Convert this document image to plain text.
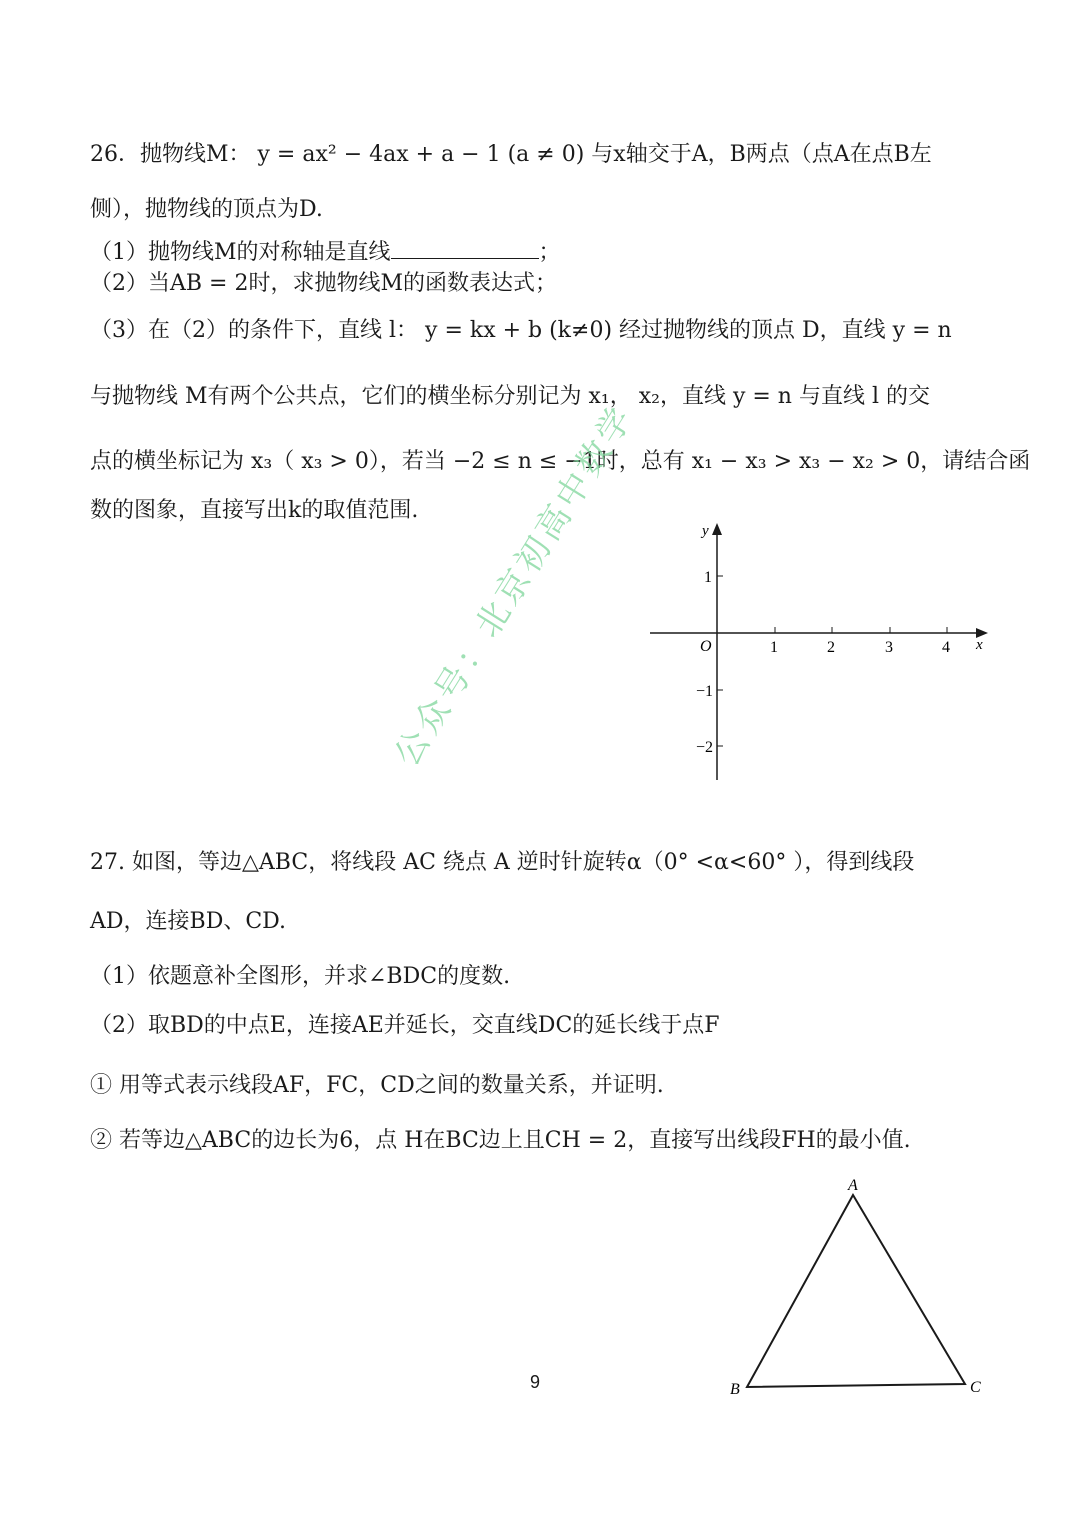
26．抛物线M： y = ax² − 4ax + a − 1 (a ≠ 0) 与x轴交于A，B两点（点A在点B左
侧），抛物线的顶点为D.
（1）抛物线M的对称轴是直线	；
（2）当AB = 2时，求抛物线M的函数表达式；
（3）在（2）的条件下，直线 l： y = kx + b (k≠0) 经过抛物线的顶点 D，直线 y = n
与抛物线 M有两个公共点，它们的横坐标分别记为 x₁， x₂，直线 y = n 与直线 l 的交
点的横坐标记为 x₃（ x₃ > 0），若当 −2 ≤ n ≤ −1时，总有 x₁ − x₃ > x₃ − x₂ > 0，请结合函
数的图象，直接写出k的取值范围.
y
x
O	1	2	3	4
1
−1
−2
公众号：北京初高中数学
27. 如图，等边△ABC，将线段 AC 绕点 A 逆时针旋转α（0° <α<60° ），得到线段
AD，连接BD、CD.
（1）依题意补全图形，并求∠BDC的度数.
（2）取BD的中点E，连接AE并延长，交直线DC的延长线于点F
① 用等式表示线段AF，FC，CD之间的数量关系，并证明.
② 若等边△ABC的边长为6，点 H在BC边上且CH = 2，直接写出线段FH的最小值.
A
B	C
9
